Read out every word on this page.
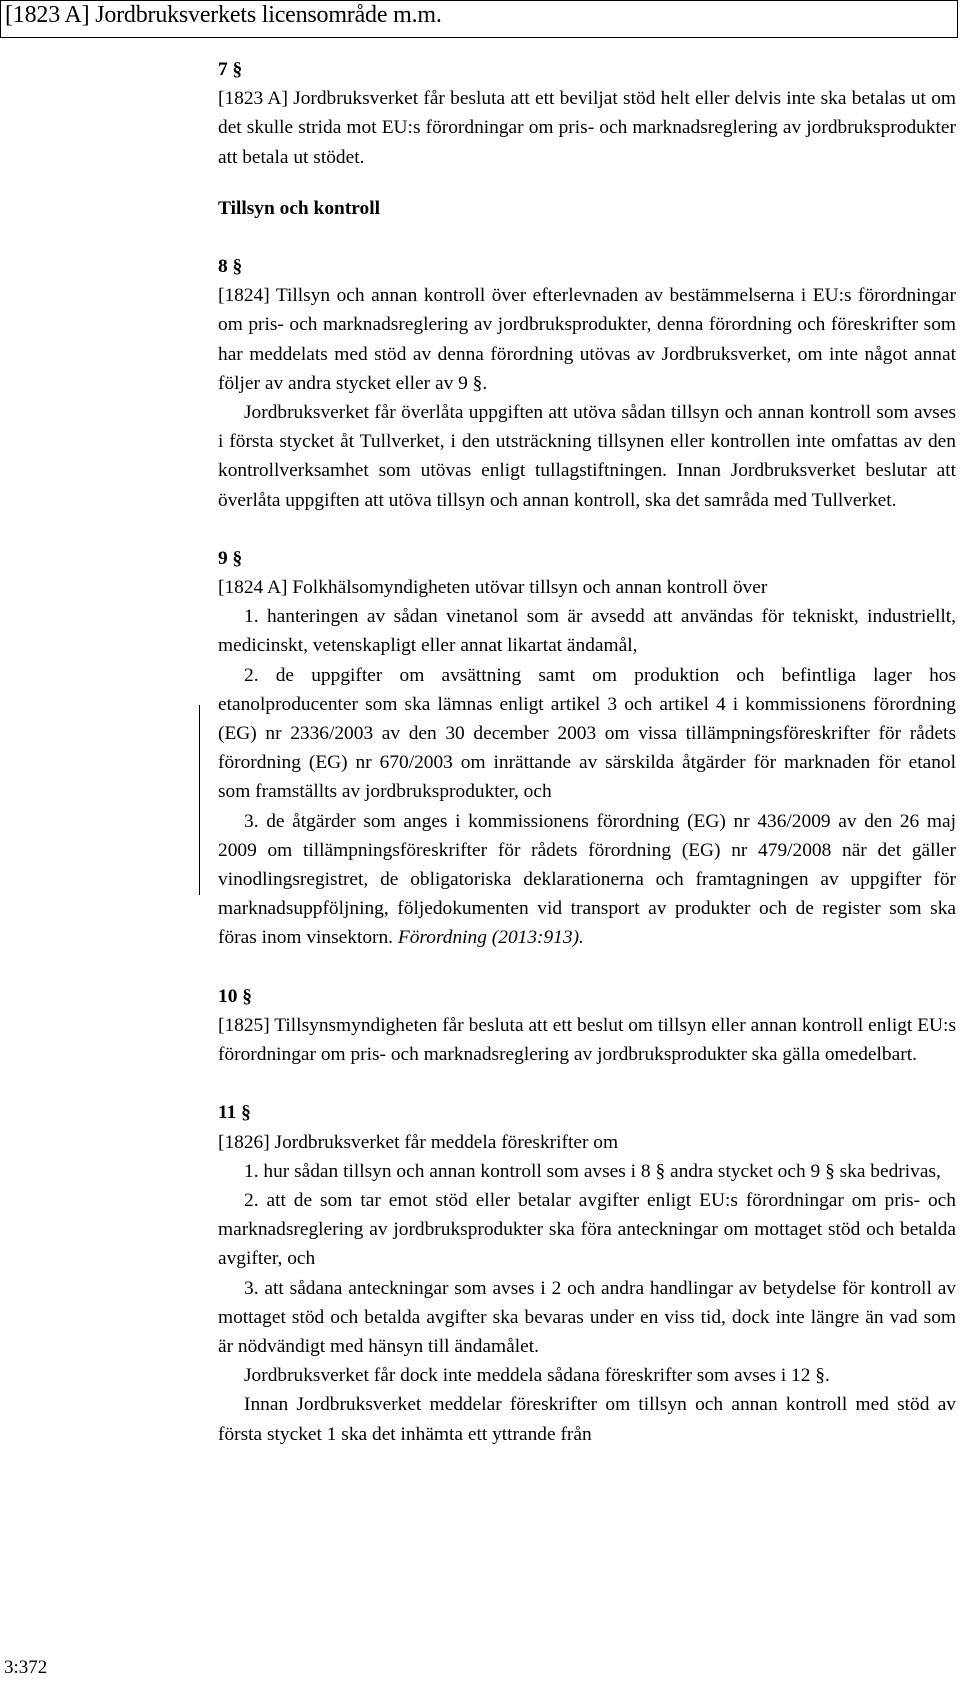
[1823 A] Jordbruksverkets licensområde m.m.

7 §

[1823 A] Jordbruksverket får besluta att ett beviljat stöd helt eller delvis inte ska betalas ut om det skulle strida mot EU:s förordningar om pris- och marknadsreglering av jordbruksprodukter att betala ut stödet.

Tillsyn och kontroll

8 §

[1824] Tillsyn och annan kontroll över efterlevnaden av bestämmelserna i EU:s förordningar om pris- och marknadsreglering av jordbruksprodukter, denna förordning och föreskrifter som har meddelats med stöd av denna förordning utövas av Jordbruksverket, om inte något annat följer av andra stycket eller av 9 §.

Jordbruksverket får överlåta uppgiften att utöva sådan tillsyn och annan kontroll som avses i första stycket åt Tullverket, i den utsträckning tillsynen eller kontrollen inte omfattas av den kontrollverksamhet som utövas enligt tullagstiftningen. Innan Jordbruksverket beslutar att överlåta uppgiften att utöva tillsyn och annan kontroll, ska det samråda med Tullverket.

9 §

[1824 A] Folkhälsomyndigheten utövar tillsyn och annan kontroll över

1. hanteringen av sådan vinetanol som är avsedd att användas för tekniskt, industriellt, medicinskt, vetenskapligt eller annat likartat ändamål,

2. de uppgifter om avsättning samt om produktion och befintliga lager hos etanolproducenter som ska lämnas enligt artikel 3 och artikel 4 i kommissionens förordning (EG) nr 2336/2003 av den 30 december 2003 om vissa tillämpningsföreskrifter för rådets förordning (EG) nr 670/2003 om inrättande av särskilda åtgärder för marknaden för etanol som framställts av jordbruksprodukter, och

3. de åtgärder som anges i kommissionens förordning (EG) nr 436/2009 av den 26 maj 2009 om tillämpningsföreskrifter för rådets förordning (EG) nr 479/2008 när det gäller vinodlingsregistret, de obligatoriska deklarationerna och framtagningen av uppgifter för marknadsuppföljning, följedokumenten vid transport av produkter och de register som ska föras inom vinsektorn. Förordning (2013:913).

10 §

[1825] Tillsynsmyndigheten får besluta att ett beslut om tillsyn eller annan kontroll enligt EU:s förordningar om pris- och marknadsreglering av jordbruksprodukter ska gälla omedelbart.

11 §

[1826] Jordbruksverket får meddela föreskrifter om

1. hur sådan tillsyn och annan kontroll som avses i 8 § andra stycket och 9 § ska bedrivas,

2. att de som tar emot stöd eller betalar avgifter enligt EU:s förordningar om pris- och marknadsreglering av jordbruksprodukter ska föra anteckningar om mottaget stöd och betalda avgifter, och

3. att sådana anteckningar som avses i 2 och andra handlingar av betydelse för kontroll av mottaget stöd och betalda avgifter ska bevaras under en viss tid, dock inte längre än vad som är nödvändigt med hänsyn till ändamålet.

Jordbruksverket får dock inte meddela sådana föreskrifter som avses i 12 §.

Innan Jordbruksverket meddelar föreskrifter om tillsyn och annan kontroll med stöd av första stycket 1 ska det inhämta ett yttrande från

3:372
